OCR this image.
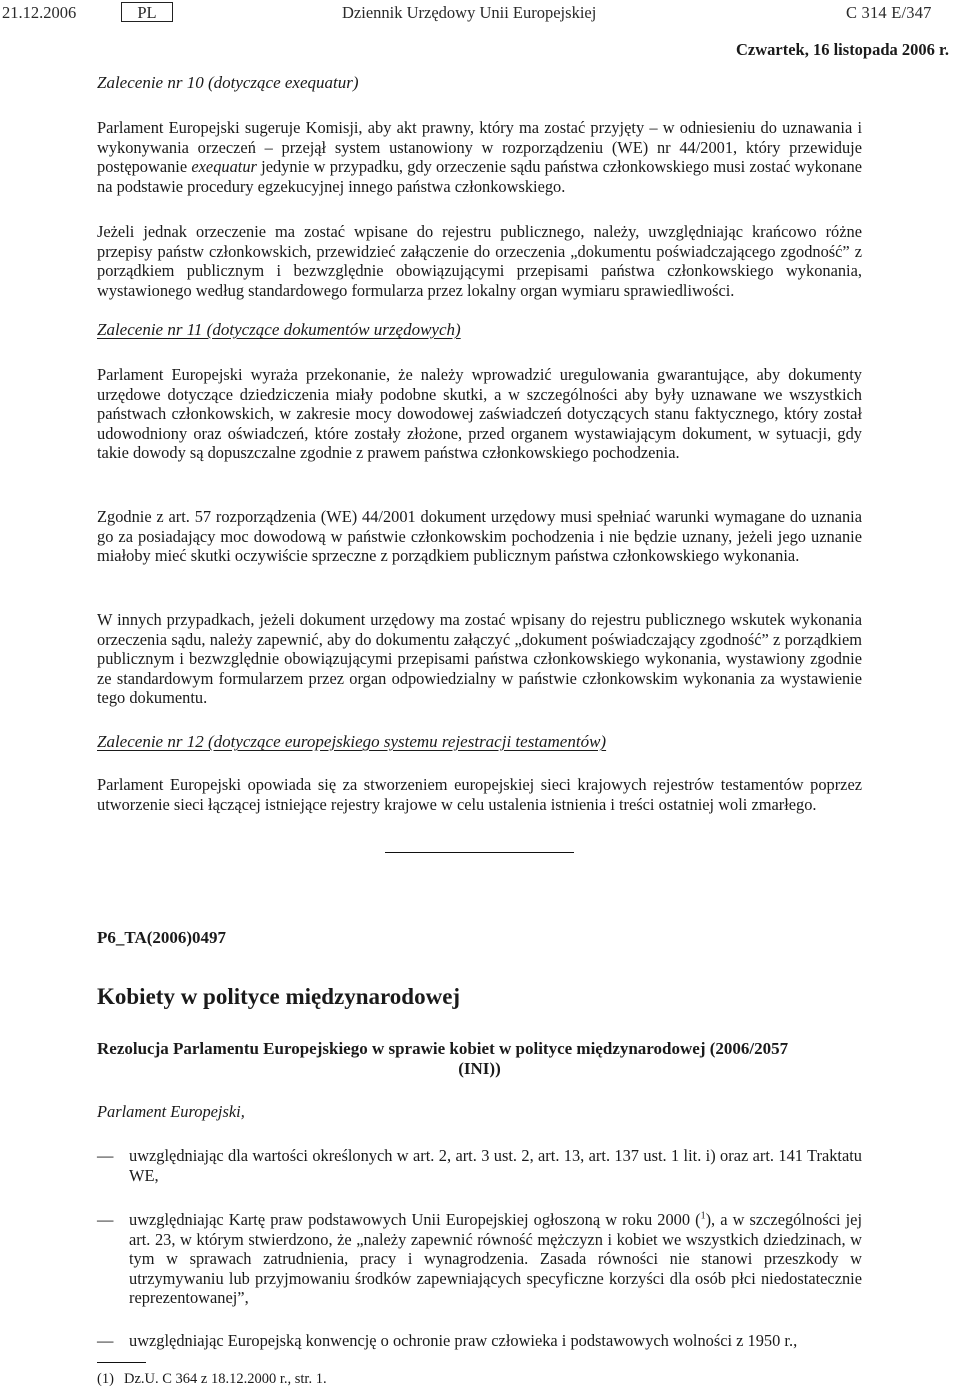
21.12.2006	PL	Dziennik Urzędowy Unii Europejskiej	C 314 E/347
Czwartek, 16 listopada 2006 r.
Zalecenie nr 10 (dotyczące exequatur)
Parlament Europejski sugeruje Komisji, aby akt prawny, który ma zostać przyjęty – w odniesieniu do uznawania i wykonywania orzeczeń – przejął system ustanowiony w rozporządzeniu (WE) nr 44/2001, który przewiduje postępowanie exequatur jedynie w przypadku, gdy orzeczenie sądu państwa członkowskiego musi zostać wykonane na podstawie procedury egzekucyjnej innego państwa członkowskiego.
Jeżeli jednak orzeczenie ma zostać wpisane do rejestru publicznego, należy, uwzględniając krańcowo różne przepisy państw członkowskich, przewidzieć załączenie do orzeczenia „dokumentu poświadczającego zgodność” z porządkiem publicznym i bezwzględnie obowiązującymi przepisami państwa członkowskiego wykonania, wystawionego według standardowego formularza przez lokalny organ wymiaru sprawiedliwości.
Zalecenie nr 11 (dotyczące dokumentów urzędowych)
Parlament Europejski wyraża przekonanie, że należy wprowadzić uregulowania gwarantujące, aby dokumenty urzędowe dotyczące dziedziczenia miały podobne skutki, a w szczególności aby były uznawane we wszystkich państwach członkowskich, w zakresie mocy dowodowej zaświadczeń dotyczących stanu faktycznego, który został udowodniony oraz oświadczeń, które zostały złożone, przed organem wystawiającym dokument, w sytuacji, gdy takie dowody są dopuszczalne zgodnie z prawem państwa członkowskiego pochodzenia.
Zgodnie z art. 57 rozporządzenia (WE) 44/2001 dokument urzędowy musi spełniać warunki wymagane do uznania go za posiadający moc dowodową w państwie członkowskim pochodzenia i nie będzie uznany, jeżeli jego uznanie miałoby mieć skutki oczywiście sprzeczne z porządkiem publicznym państwa członkowskiego wykonania.
W innych przypadkach, jeżeli dokument urzędowy ma zostać wpisany do rejestru publicznego wskutek wykonania orzeczenia sądu, należy zapewnić, aby do dokumentu załączyć „dokument poświadczający zgodność” z porządkiem publicznym i bezwzględnie obowiązującymi przepisami państwa członkowskiego wykonania, wystawiony zgodnie ze standardowym formularzem przez organ odpowiedzialny w państwie członkowskim wykonania za wystawienie tego dokumentu.
Zalecenie nr 12 (dotyczące europejskiego systemu rejestracji testamentów)
Parlament Europejski opowiada się za stworzeniem europejskiej sieci krajowych rejestrów testamentów poprzez utworzenie sieci łączącej istniejące rejestry krajowe w celu ustalenia istnienia i treści ostatniej woli zmarłego.
P6_TA(2006)0497
Kobiety w polityce międzynarodowej
Rezolucja Parlamentu Europejskiego w sprawie kobiet w polityce międzynarodowej (2006/2057
(INI))
Parlament Europejski,
— uwzględniając dla wartości określonych w art. 2, art. 3 ust. 2, art. 13, art. 137 ust. 1 lit. i) oraz art. 141 Traktatu WE,
— uwzględniając Kartę praw podstawowych Unii Europejskiej ogłoszoną w roku 2000 ($^1$), a w szczególności jej art. 23, w którym stwierdzono, że „należy zapewnić równość mężczyzn i kobiet we wszystkich dziedzinach, w tym w sprawach zatrudnienia, pracy i wynagrodzenia. Zasada równości nie stanowi przeszkody w utrzymywaniu lub przyjmowaniu środków zapewniających specyficzne korzyści dla osób płci niedostatecznie reprezentowanej”,
— uwzględniając Europejską konwencję o ochronie praw człowieka i podstawowych wolności z 1950 r.,
(1) Dz.U. C 364 z 18.12.2000 r., str. 1.
